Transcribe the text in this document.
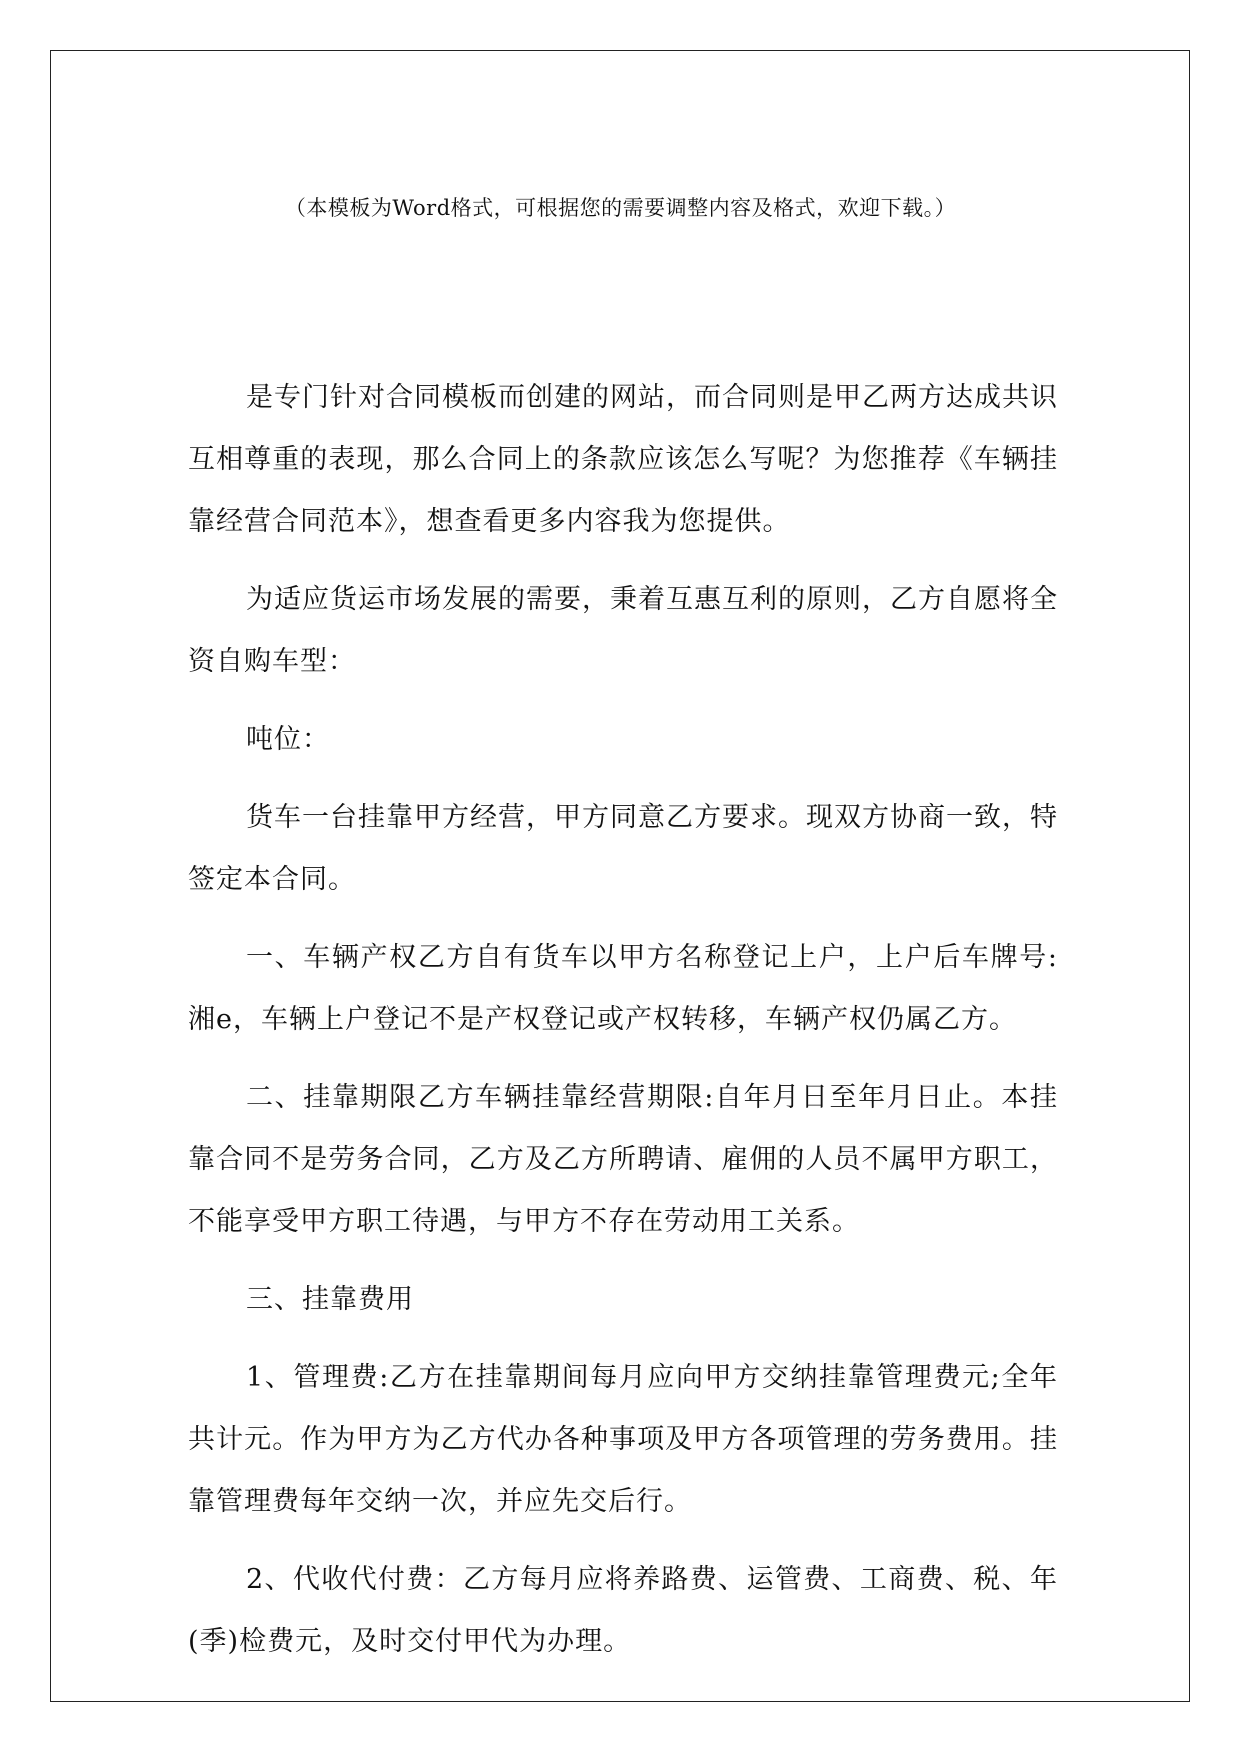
（本模板为Word格式，可根据您的需要调整内容及格式，欢迎下载。）

是专门针对合同模板而创建的网站，而合同则是甲乙两方达成共识互相尊重的表现，那么合同上的条款应该怎么写呢？为您推荐《车辆挂靠经营合同范本》，想查看更多内容我为您提供。

为适应货运市场发展的需要，秉着互惠互利的原则，乙方自愿将全资自购车型：

吨位：

货车一台挂靠甲方经营，甲方同意乙方要求。现双方协商一致，特签定本合同。

一、车辆产权乙方自有货车以甲方名称登记上户，上户后车牌号:湘e，车辆上户登记不是产权登记或产权转移，车辆产权仍属乙方。

二、挂靠期限乙方车辆挂靠经营期限:自年月日至年月日止。本挂靠合同不是劳务合同，乙方及乙方所聘请、雇佣的人员不属甲方职工，不能享受甲方职工待遇，与甲方不存在劳动用工关系。

三、挂靠费用

1、管理费:乙方在挂靠期间每月应向甲方交纳挂靠管理费元;全年共计元。作为甲方为乙方代办各种事项及甲方各项管理的劳务费用。挂靠管理费每年交纳一次，并应先交后行。

2、代收代付费：乙方每月应将养路费、运管费、工商费、税、年(季)检费元，及时交付甲代为办理。
